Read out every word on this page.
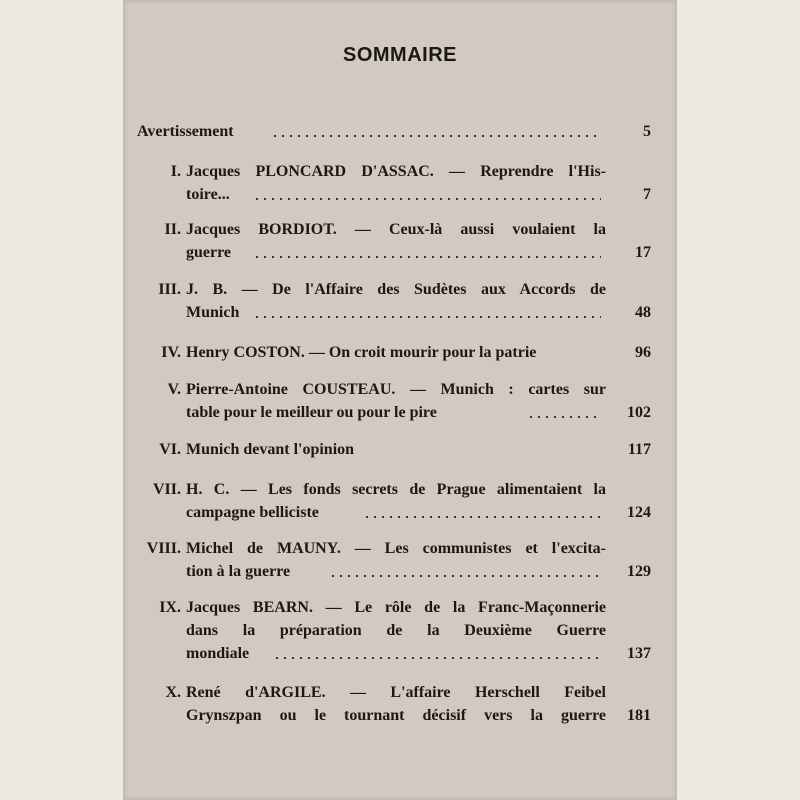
SOMMAIRE
Avertissement	5
I. Jacques PLONCARD D'ASSAC. — Reprendre l'His-
toire...	7
II. Jacques BORDIOT. — Ceux-là aussi voulaient la
guerre	17
III. J. B. — De l'Affaire des Sudètes aux Accords de
Munich	48
IV. Henry COSTON. — On croit mourir pour la patrie	96
V. Pierre-Antoine COUSTEAU. — Munich : cartes sur
table pour le meilleur ou pour le pire	102
VI. Munich devant l'opinion	117
VII. H. C. — Les fonds secrets de Prague alimentaient la
campagne belliciste	124
VIII. Michel de MAUNY. — Les communistes et l'excita-
tion à la guerre	129
IX. Jacques BEARN. — Le rôle de la Franc-Maçonnerie
dans la préparation de la Deuxième Guerre
mondiale	137
X. René d'ARGILE. — L'affaire Herschell Feibel
Grynszpan ou le tournant décisif vers la guerre 181
